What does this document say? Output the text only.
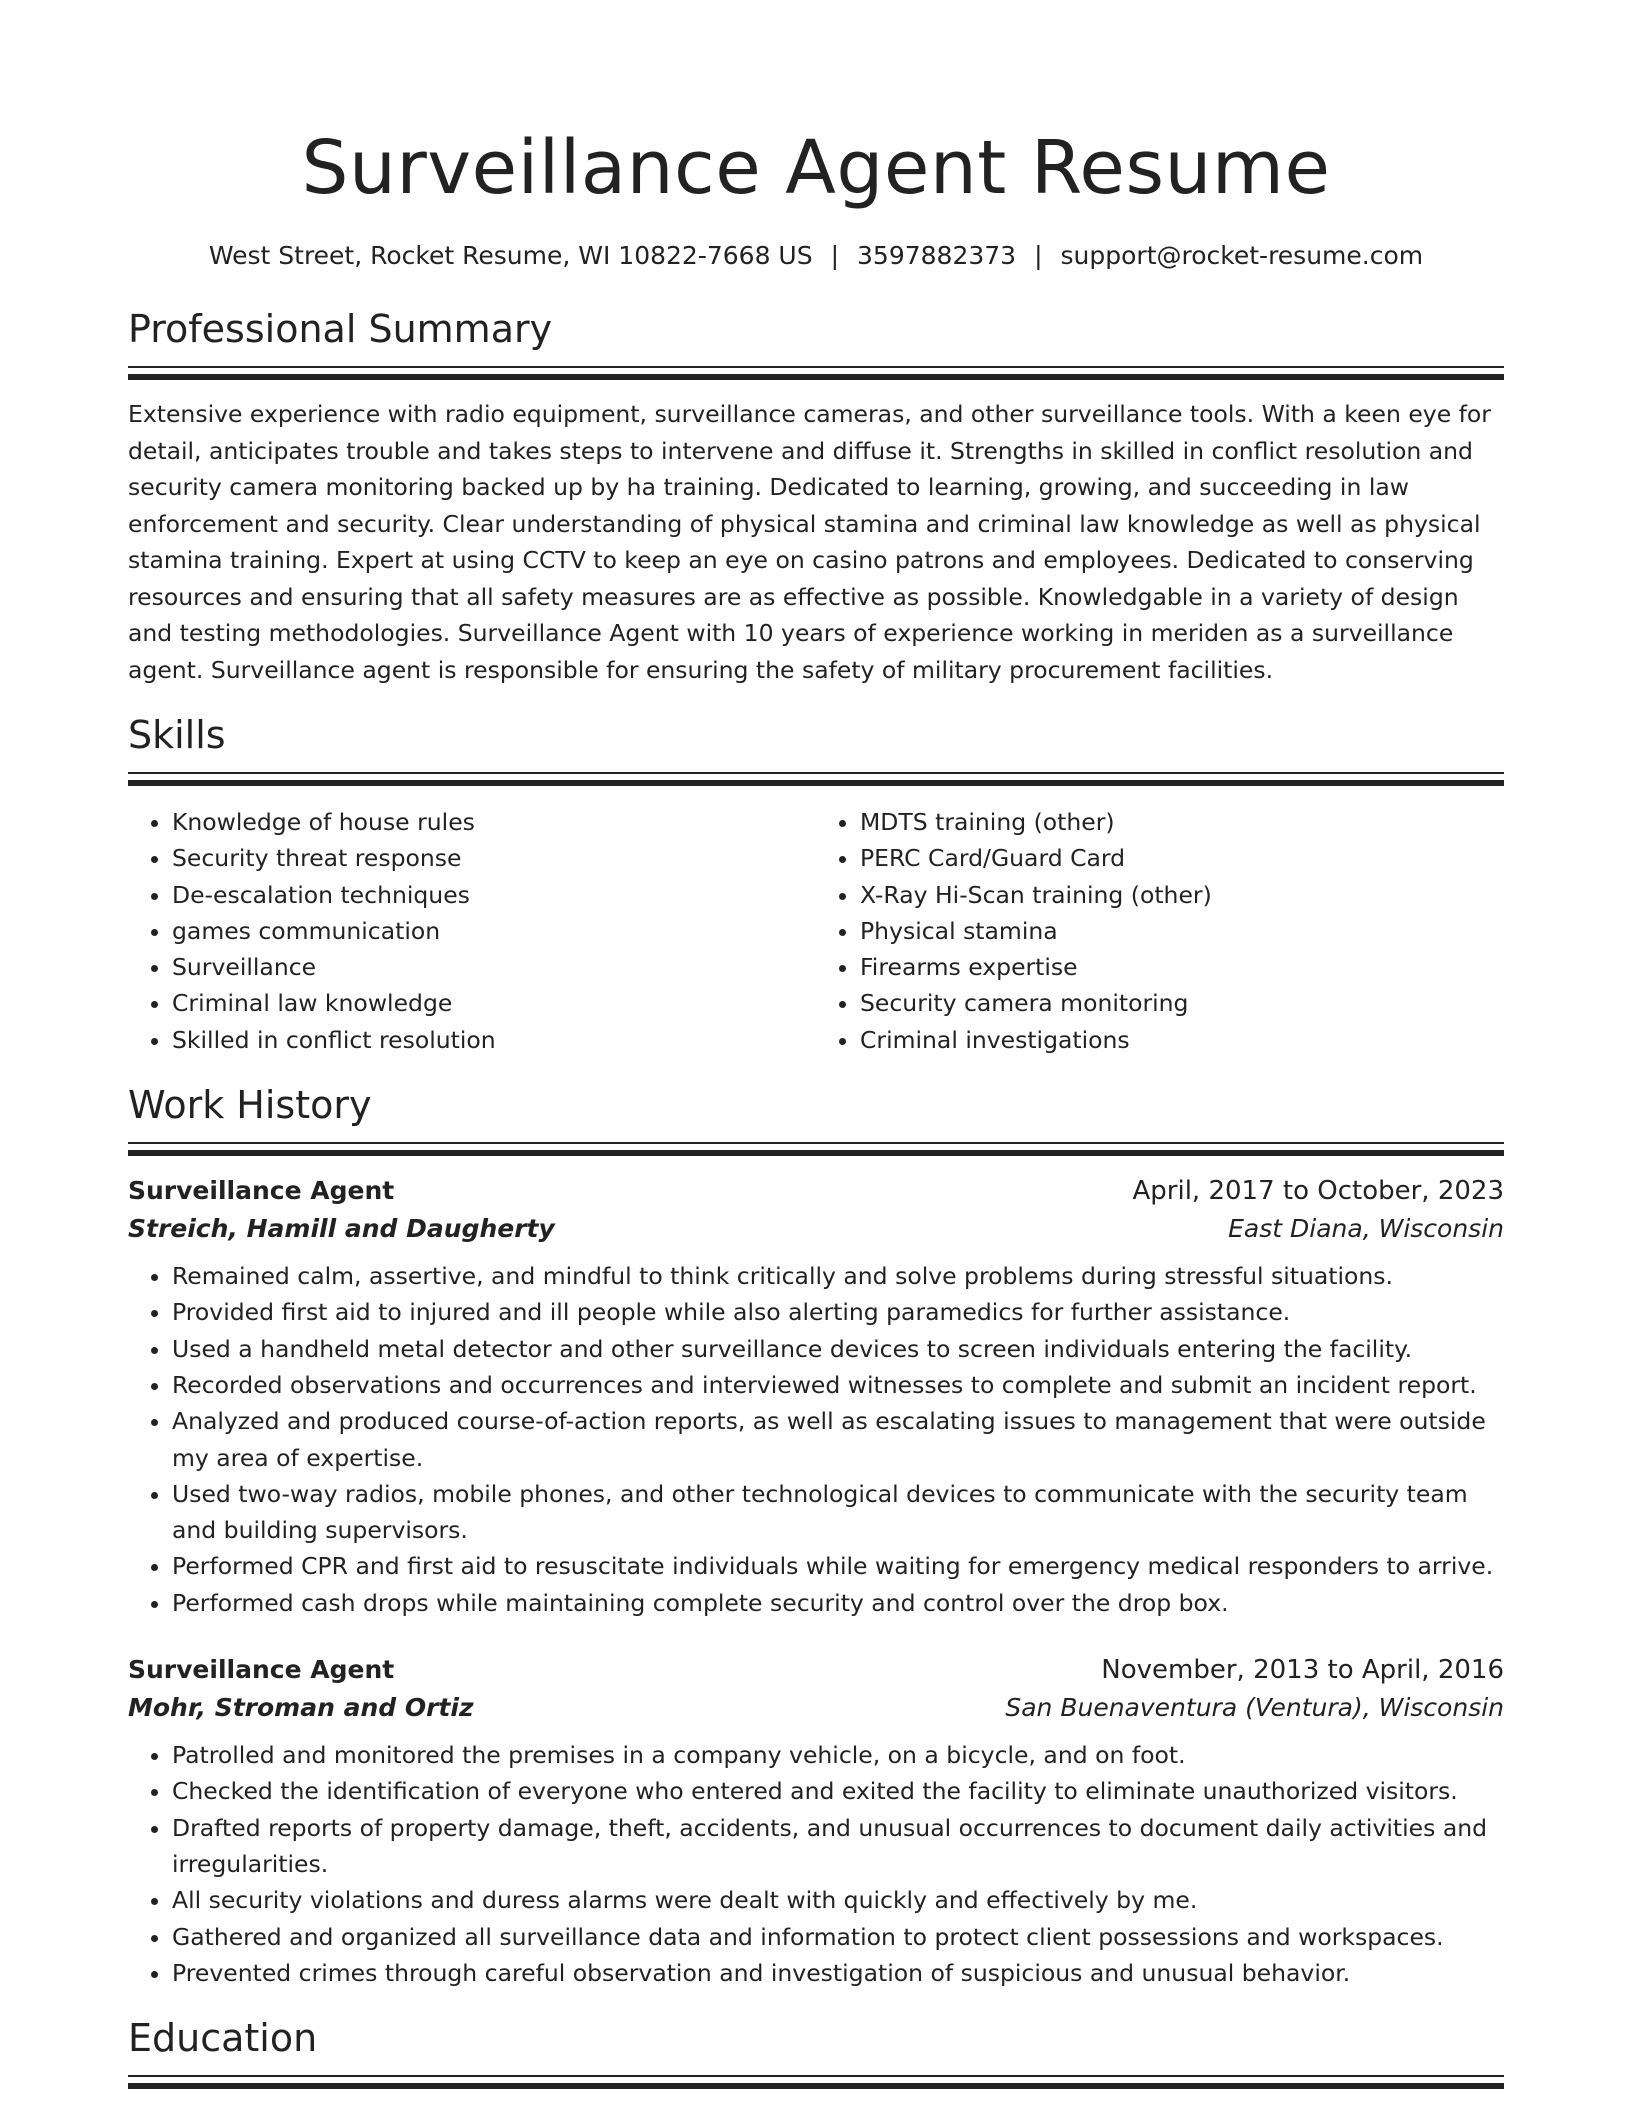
Surveillance Agent Resume
West Street, Rocket Resume, WI 10822-7668 US | 3597882373 | support@rocket-resume.com
Professional Summary

Extensive experience with radio equipment, surveillance cameras, and other surveillance tools. With a keen eye for detail, anticipates trouble and takes steps to intervene and diffuse it. Strengths in skilled in conflict resolution and security camera monitoring backed up by ha training. Dedicated to learning, growing, and succeeding in law enforcement and security. Clear understanding of physical stamina and criminal law knowledge as well as physical stamina training. Expert at using CCTV to keep an eye on casino patrons and employees. Dedicated to conserving resources and ensuring that all safety measures are as effective as possible. Knowledgable in a variety of design and testing methodologies. Surveillance Agent with 10 years of experience working in meriden as a surveillance agent. Surveillance agent is responsible for ensuring the safety of military procurement facilities.

Skills
• Knowledge of house rules
• Security threat response
• De-escalation techniques
• games communication
• Surveillance
• Criminal law knowledge
• Skilled in conflict resolution
• MDTS training (other)
• PERC Card/Guard Card
• X-Ray Hi-Scan training (other)
• Physical stamina
• Firearms expertise
• Security camera monitoring
• Criminal investigations
Work History
Surveillance Agent	April, 2017 to October, 2023
Streich, Hamill and Daugherty	East Diana, Wisconsin
• Remained calm, assertive, and mindful to think critically and solve problems during stressful situations.
• Provided first aid to injured and ill people while also alerting paramedics for further assistance.
• Used a handheld metal detector and other surveillance devices to screen individuals entering the facility.
• Recorded observations and occurrences and interviewed witnesses to complete and submit an incident report.
• Analyzed and produced course-of-action reports, as well as escalating issues to management that were outside my area of expertise.
• Used two-way radios, mobile phones, and other technological devices to communicate with the security team and building supervisors.
• Performed CPR and first aid to resuscitate individuals while waiting for emergency medical responders to arrive.
• Performed cash drops while maintaining complete security and control over the drop box.
Surveillance Agent	November, 2013 to April, 2016
Mohr, Stroman and Ortiz	San Buenaventura (Ventura), Wisconsin
• Patrolled and monitored the premises in a company vehicle, on a bicycle, and on foot.
• Checked the identification of everyone who entered and exited the facility to eliminate unauthorized visitors.
• Drafted reports of property damage, theft, accidents, and unusual occurrences to document daily activities and irregularities.
• All security violations and duress alarms were dealt with quickly and effectively by me.
• Gathered and organized all surveillance data and information to protect client possessions and workspaces.
• Prevented crimes through careful observation and investigation of suspicious and unusual behavior.
Education
